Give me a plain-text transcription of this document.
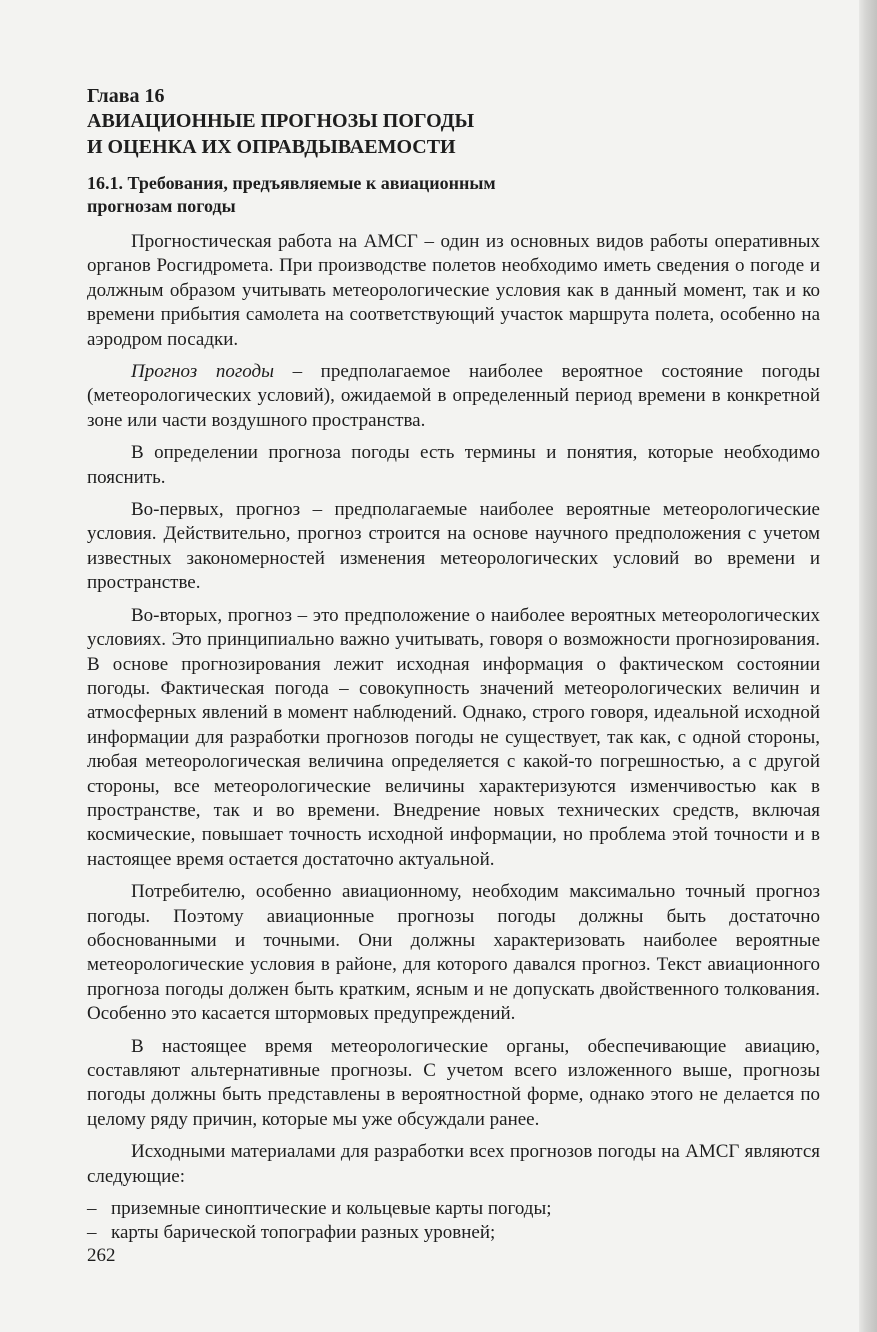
Глава 16

АВИАЦИОННЫЕ ПРОГНОЗЫ ПОГОДЫ
И ОЦЕНКА ИХ ОПРАВДЫВАЕМОСТИ
16.1. Требования, предъявляемые к авиационным
прогнозам погоды

Прогностическая работа на АМСГ – один из основных видов работы оперативных органов Росгидромета. При производстве полетов необходимо иметь сведения о погоде и должным образом учитывать метеорологические условия как в данный момент, так и ко времени прибытия самолета на соответствующий участок маршрута полета, особенно на аэродром посадки.

Прогноз погоды – предполагаемое наиболее вероятное состояние погоды (метеорологических условий), ожидаемой в определенный период времени в конкретной зоне или части воздушного пространства.

В определении прогноза погоды есть термины и понятия, которые необходимо пояснить.

Во-первых, прогноз – предполагаемые наиболее вероятные метеорологические условия. Действительно, прогноз строится на основе научного предположения с учетом известных закономерностей изменения метеорологических условий во времени и пространстве.

Во-вторых, прогноз – это предположение о наиболее вероятных метеорологических условиях. Это принципиально важно учитывать, говоря о возможности прогнозирования. В основе прогнозирования лежит исходная информация о фактическом состоянии погоды. Фактическая погода – совокупность значений метеорологических величин и атмосферных явлений в момент наблюдений. Однако, строго говоря, идеальной исходной информации для разработки прогнозов погоды не существует, так как, с одной стороны, любая метеорологическая величина определяется с какой-то погрешностью, а с другой стороны, все метеорологические величины характеризуются изменчивостью как в пространстве, так и во времени. Внедрение новых технических средств, включая космические, повышает точность исходной информации, но проблема этой точности и в настоящее время остается достаточно актуальной.

Потребителю, особенно авиационному, необходим максимально точный прогноз погоды. Поэтому авиационные прогнозы погоды должны быть достаточно обоснованными и точными. Они должны характеризовать наиболее вероятные метеорологические условия в районе, для которого давался прогноз. Текст авиационного прогноза погоды должен быть кратким, ясным и не допускать двойственного толкования. Особенно это касается штормовых предупреждений.

В настоящее время метеорологические органы, обеспечивающие авиацию, составляют альтернативные прогнозы. С учетом всего изложенного выше, прогнозы погоды должны быть представлены в вероятностной форме, однако этого не делается по целому ряду причин, которые мы уже обсуждали ранее.

Исходными материалами для разработки всех прогнозов погоды на АМСГ являются следующие:

– приземные синоптические и кольцевые карты погоды;
– карты барической топографии разных уровней;
262
